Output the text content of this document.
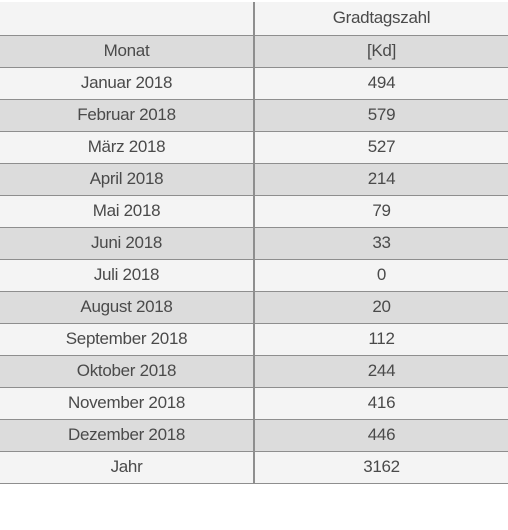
	Gradtagszahl
Monat	[Kd]
Januar 2018	494
Februar 2018	579
März 2018	527
April 2018	214
Mai 2018	79
Juni 2018	33
Juli 2018	0
August 2018	20
September 2018	112
Oktober 2018	244
November 2018	416
Dezember 2018	446
Jahr	3162
